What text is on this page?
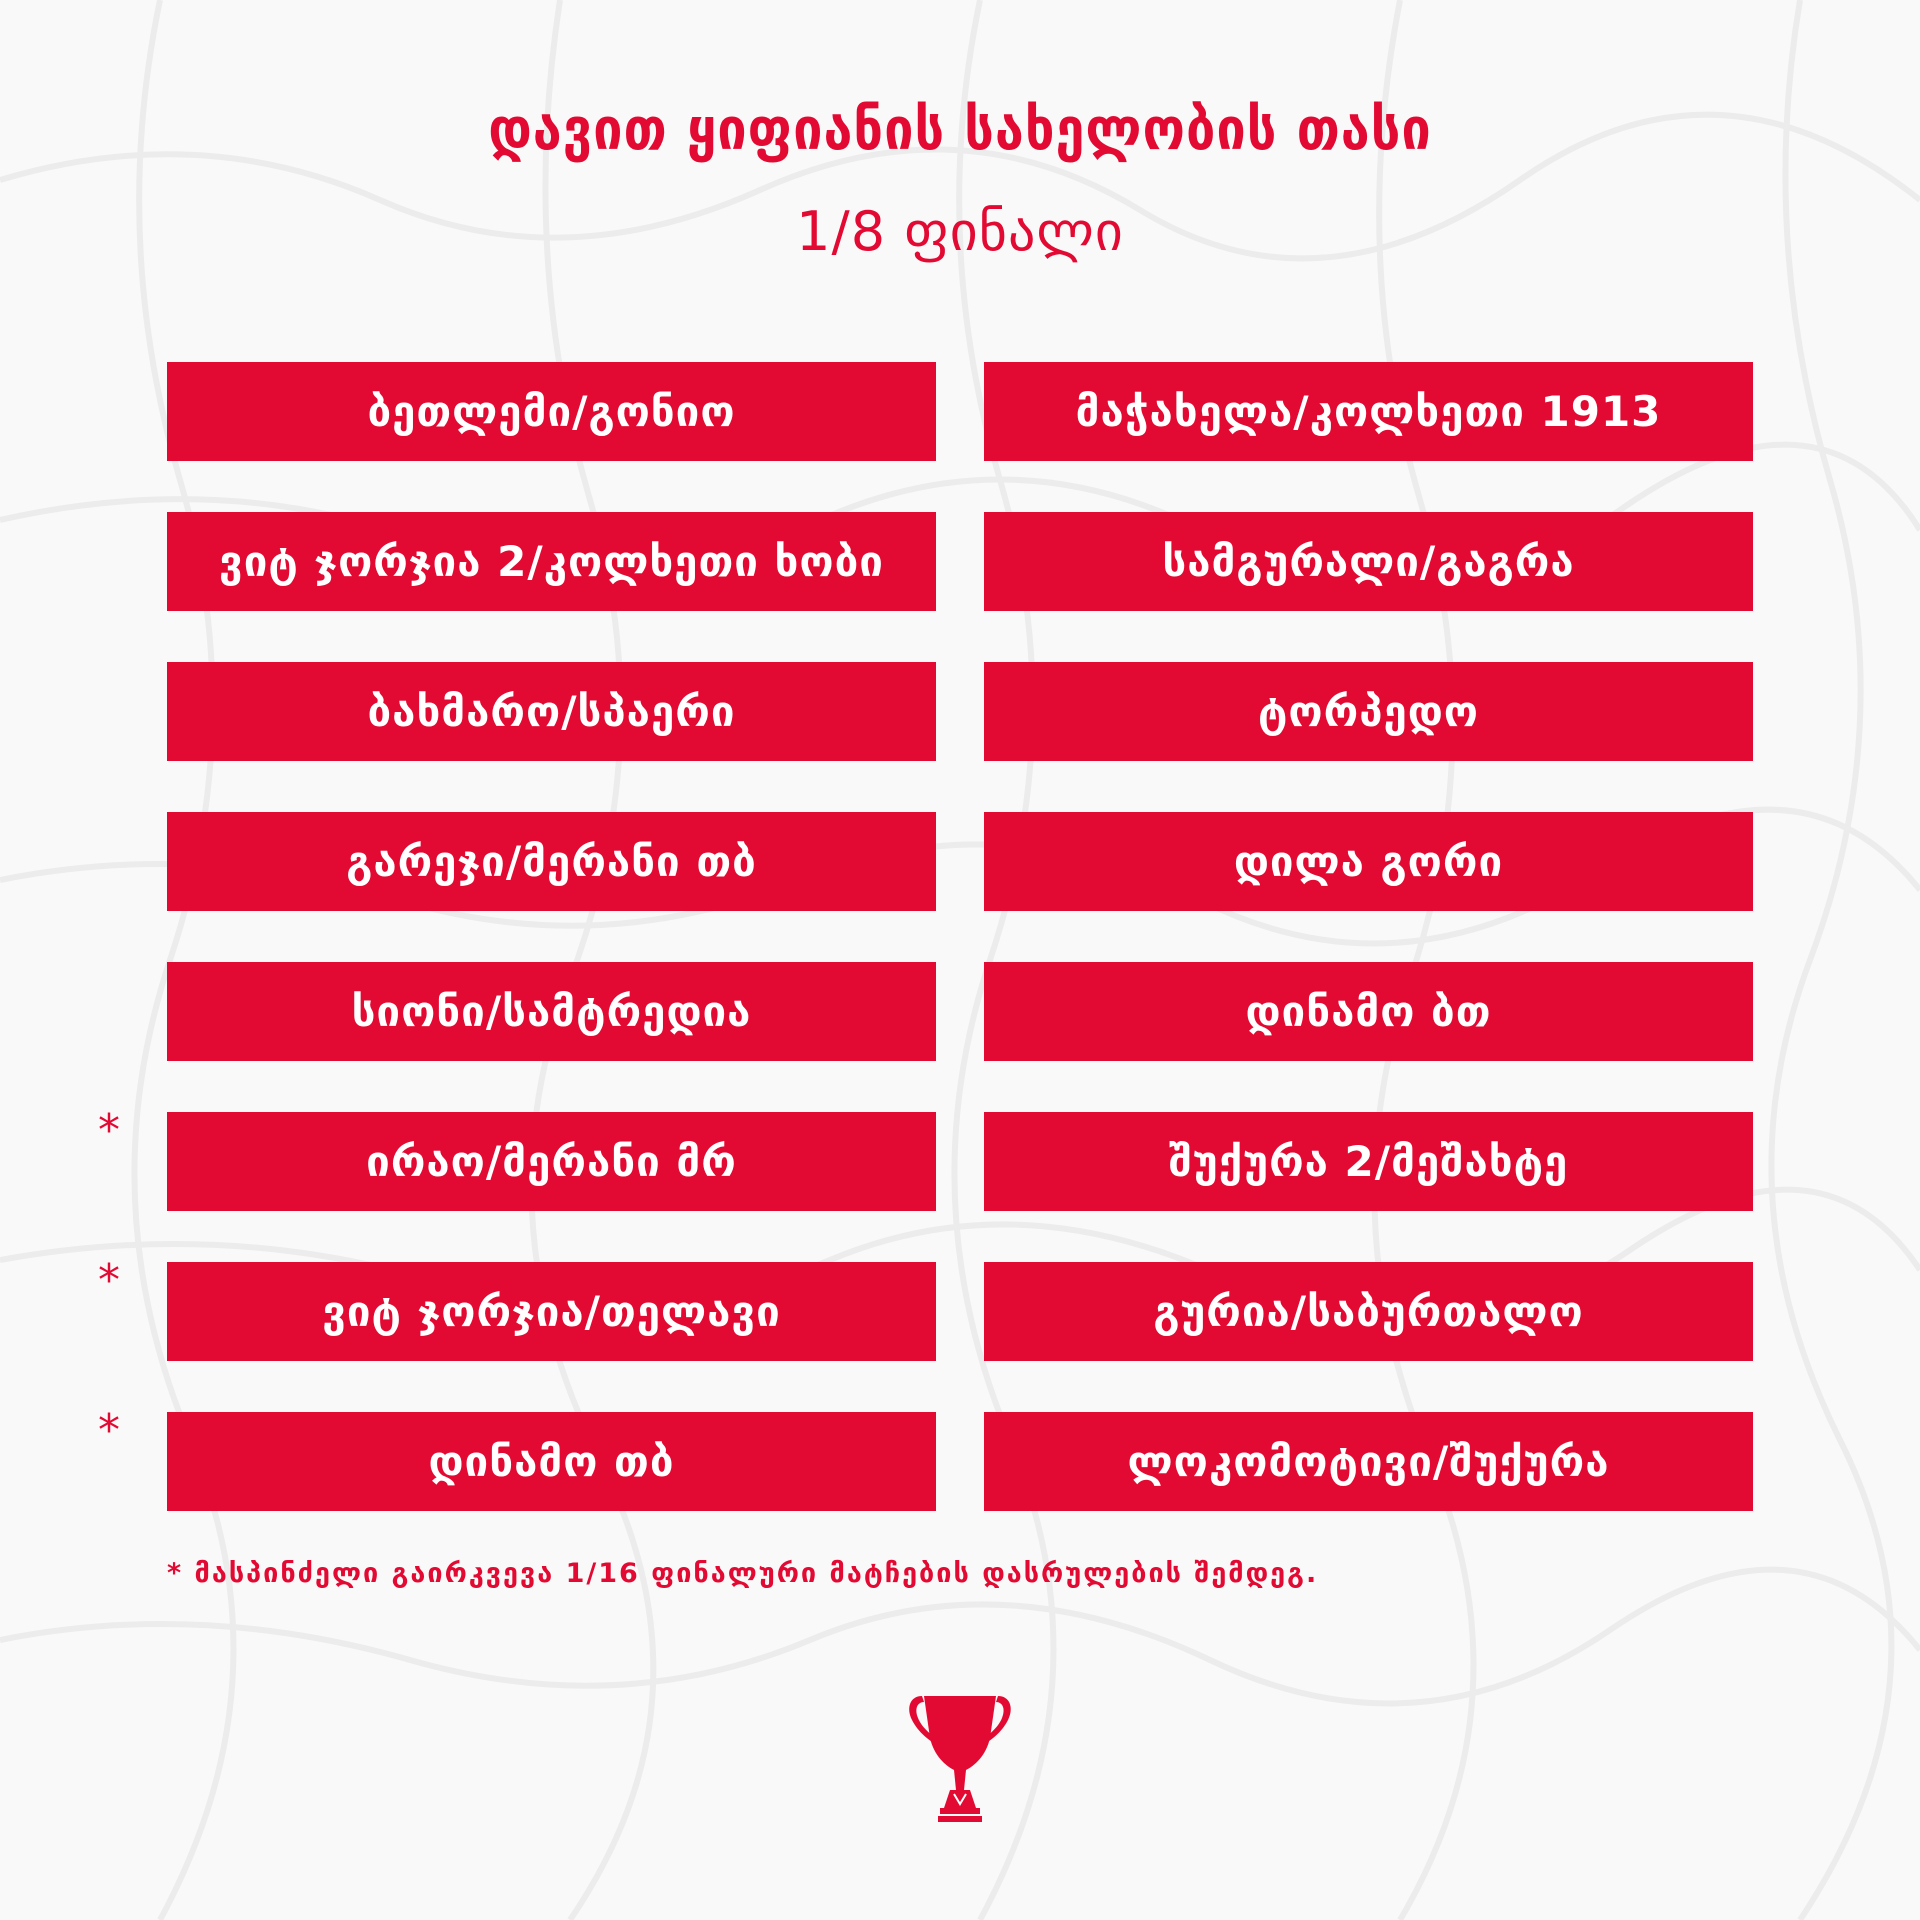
დავით ყიფიანის სახელობის თასი
1/8 ფინალი
ბეთლემი/გონიო	მაჭახელა/კოლხეთი 1913
ვიტ ჯორჯია 2/კოლხეთი ხობი	სამგურალი/გაგრა
ბახმარო/სპაერი	ტორპედო
გარეჯი/მერანი თბ	დილა გორი
სიონი/სამტრედია	დინამო ბთ
ირაო/მერანი მრ	შუქურა 2/მეშახტე
ვიტ ჯორჯია/თელავი	გურია/საბურთალო
დინამო თბ	ლოკომოტივი/შუქურა
*
*
*
* მასპინძელი გაირკვევა 1/16 ფინალური მატჩების დასრულების შემდეგ.
